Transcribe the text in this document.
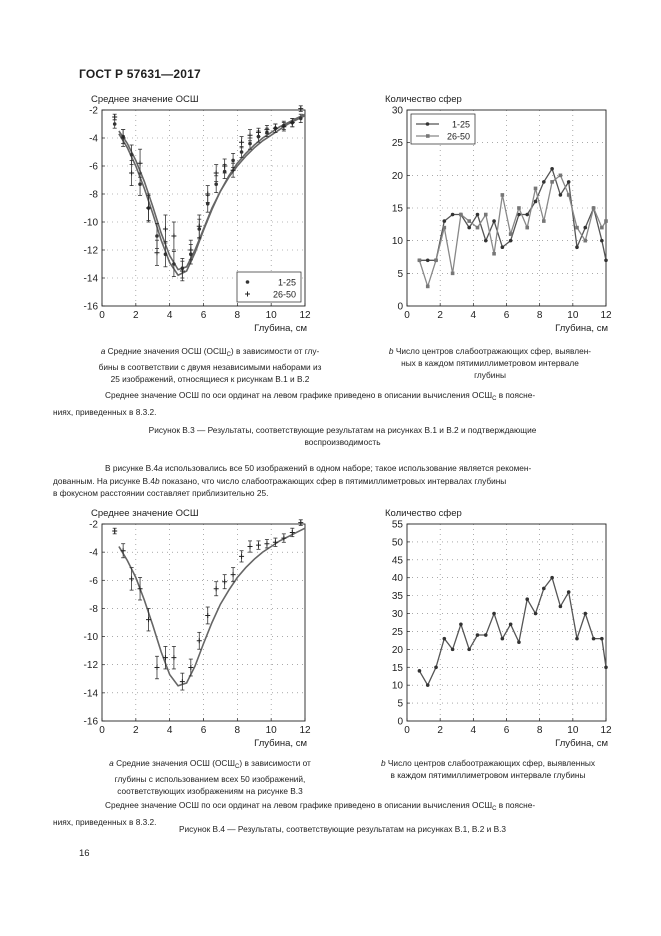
ГОСТ Р 57631—2017
Среднее значение ОСШ	Количество сфер
0	2	4	6	8	10 12
-2
-4
-6
-8
-10
-12
-14
-16
Глубина, см
1-25
26-50
0	2	4	6	8 10 12
0
5
10
15
20
25
30
Глубина, см
1-25
26-50
a Средние значения ОСШ $(ОСШ_C)$ в зависимости от глу-
бины в соответствии с двумя независимыми наборами из
25 изображений, относящиеся к рисункам В.1 и В.2
b Число центров слабоотражающих сфер, выявлен-
ных в каждом пятимиллиметровом интервале
глубины
Среднее значение ОСШ по оси ординат на левом графике приведено в описании вычисления $ОСШ_C$ в поясне-
ниях, приведенных в 8.3.2.
Рисунок В.3 — Результаты, соответствующие результатам на рисунках В.1 и В.2 и подтверждающие
воспроизводимость
В рисунке В.4a использовались все 50 изображений в одном наборе; такое использование является рекомен-
дованным. На рисунке В.4b показано, что число слабоотражающих сфер в пятимиллиметровых интервалах глубины
в фокусном расстоянии составляет приблизительно 25.
Среднее значение ОСШ	Количество сфер
0	2	4	6	8	10 12
-2
-4
-6
-8
-10
-12
-14
-16
Глубина, см
0	2	4	6	8 10 12
0
5
10
15
20
25
30
35
40
45
50
55
Глубина, см
a Средние значения ОСШ $(ОСШ_C)$ в зависимости от
глубины с использованием всех 50 изображений,
соответствующих изображениям на рисунке В.3
b Число центров слабоотражающих сфер, выявленных
в каждом пятимиллиметровом интервале глубины
Среднее значение ОСШ по оси ординат на левом графике приведено в описании вычисления $ОСШ_C$ в поясне-
ниях, приведенных в 8.3.2.
Рисунок В.4 — Результаты, соответствующие результатам на рисунках В.1, В.2 и В.3
16
